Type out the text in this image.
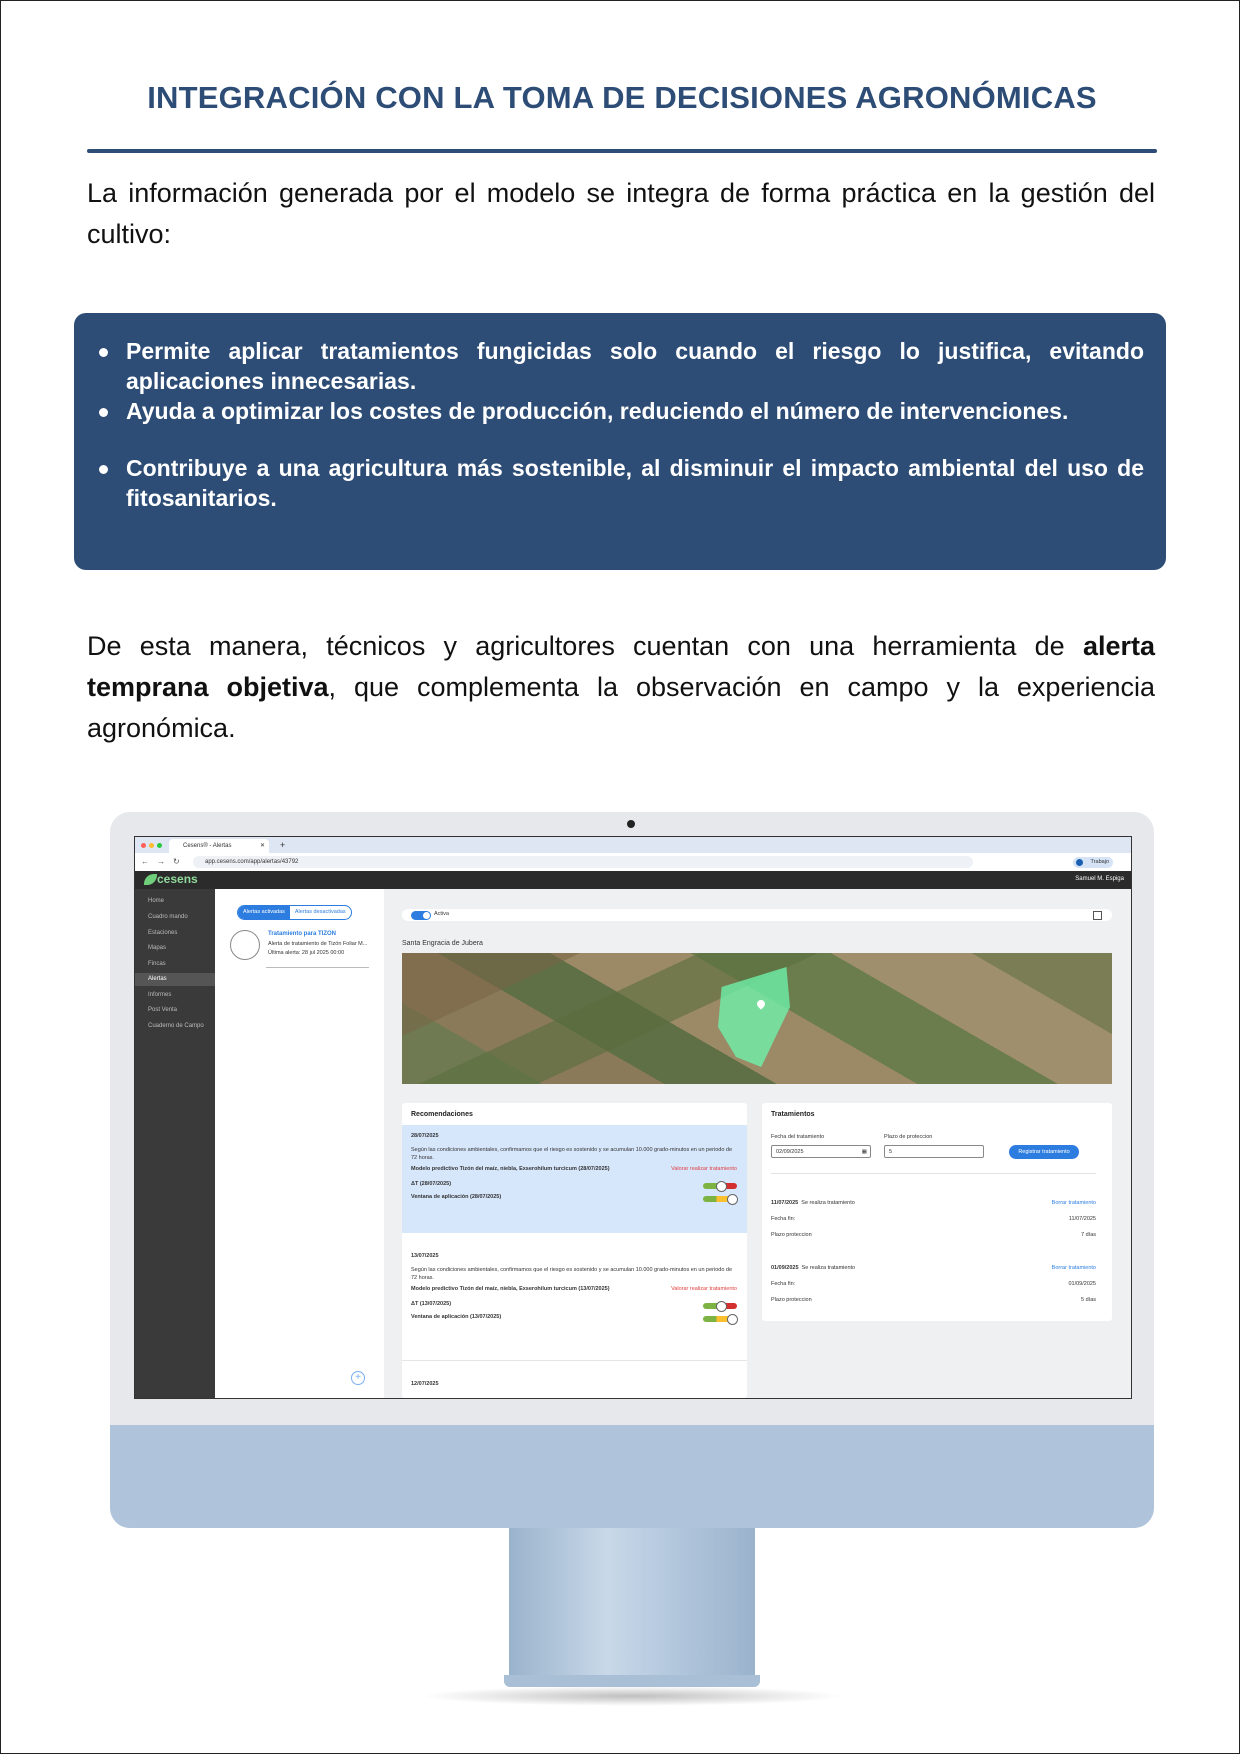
INTEGRACIÓN CON LA TOMA DE DECISIONES AGRONÓMICAS
La información generada por el modelo se integra de forma práctica en la gestión del cultivo:
Permite aplicar tratamientos fungicidas solo cuando el riesgo lo justifica, evitando aplicaciones innecesarias.
Ayuda a optimizar los costes de producción, reduciendo el número de intervenciones.
Contribuye a una agricultura más sostenible, al disminuir el impacto ambiental del uso de fitosanitarios.
De esta manera, técnicos y agricultores cuentan con una herramienta de alerta temprana objetiva, que complementa la observación en campo y la experiencia agronómica.
Cesens® - Alertas	✕ +
← → ↻	app.cesens.com/app/alertas/43792	Trabajo
cesens	Samuel M. Espiga
Home
Cuadro mando
Estaciones
Mapas
Fincas
Alertas
Informes
Post Venta
Cuaderno de Campo
Alertas activadas	Alertas desactivadas
Tratamiento para TIZON
Alerta de tratamiento de Tizón Foliar M...
Última alerta: 28 jul 2025 00:00
+
Activa
Santa Engracia de Jubera
Recomendaciones
28/07/2025
Según las condiciones ambientales, confirmamos que el riesgo es sostenido y se acumulan 10.000 grado-minutos en un periodo de 72 horas.
Modelo predictivo Tizón del maíz, niebla, Exserohilum turcicum (28/07/2025)	Valorar realizar tratamiento
ΔT (28/07/2025)
Ventana de aplicación (28/07/2025)
13/07/2025
Según las condiciones ambientales, confirmamos que el riesgo es sostenido y se acumulan 10.000 grado-minutos en un periodo de 72 horas.
Modelo predictivo Tizón del maíz, niebla, Exserohilum turcicum (13/07/2025)	Valorar realizar tratamiento
ΔT (13/07/2025)
Ventana de aplicación (13/07/2025)
12/07/2025
Tratamientos
Fecha del tratamiento
02/09/2025	▦
Plazo de proteccion
5	Registrar tratamiento
11/07/2025 Se realiza tratamiento	Borrar tratamiento
Fecha fin:	11/07/2025
Plazo proteccion	7 días
01/09/2025 Se realiza tratamiento	Borrar tratamiento
Fecha fin:	01/09/2025
Plazo proteccion	5 días
